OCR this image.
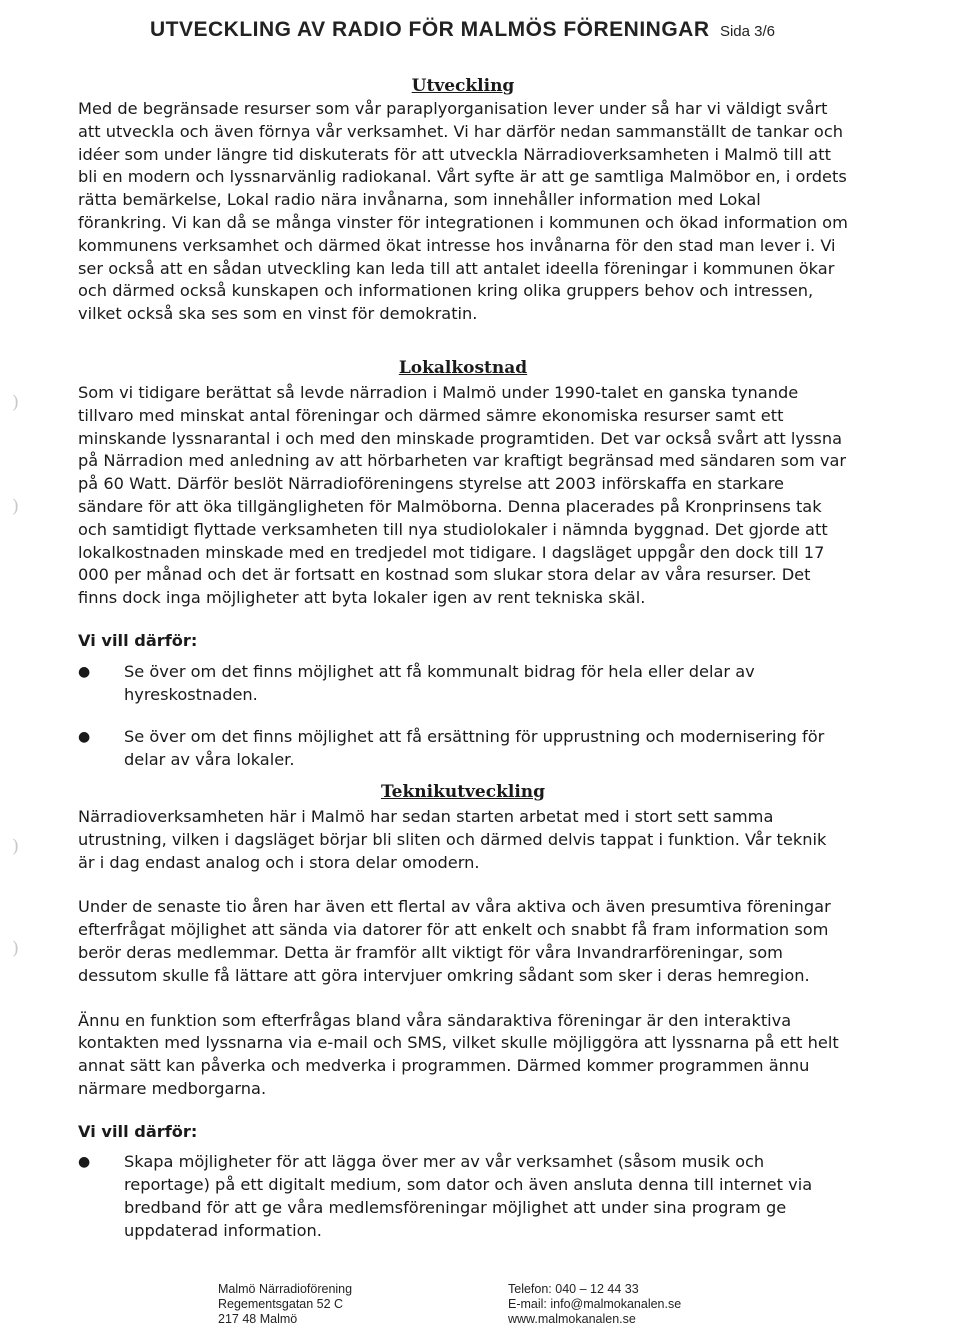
)
)
)
)
UTVECKLING AV RADIO FÖR MALMÖS FÖRENINGAR Sida 3/6
Utveckling

Med de begränsade resurser som vår paraplyorganisation lever under så har vi väldigt svårt att utveckla och även förnya vår verksamhet. Vi har därför nedan sammanställt de tankar och idéer som under längre tid diskuterats för att utveckla Närradioverksamheten i Malmö till att bli en modern och lyssnarvänlig radiokanal. Vårt syfte är att ge samtliga Malmöbor en, i ordets rätta bemärkelse, Lokal radio nära invånarna, som innehåller information med Lokal förankring. Vi kan då se många vinster för integrationen i kommunen och ökad information om kommunens verksamhet och därmed ökat intresse hos invånarna för den stad man lever i. Vi ser också att en sådan utveckling kan leda till att antalet ideella föreningar i kommunen ökar och därmed också kunskapen och informationen kring olika gruppers behov och intressen, vilket också ska ses som en vinst för demokratin.

Lokalkostnad

Som vi tidigare berättat så levde närradion i Malmö under 1990-talet en ganska tynande tillvaro med minskat antal föreningar och därmed sämre ekonomiska resurser samt ett minskande lyssnarantal i och med den minskade programtiden. Det var också svårt att lyssna på Närradion med anledning av att hörbarheten var kraftigt begränsad med sändaren som var på 60 Watt. Därför beslöt Närradioföreningens styrelse att 2003 införskaffa en starkare sändare för att öka tillgängligheten för Malmöborna. Denna placerades på Kronprinsens tak och samtidigt flyttade verksamheten till nya studiolokaler i nämnda byggnad. Det gjorde att lokalkostnaden minskade med en tredjedel mot tidigare. I dagsläget uppgår den dock till 17 000 per månad och det är fortsatt en kostnad som slukar stora delar av våra resurser. Det finns dock inga möjligheter att byta lokaler igen av rent tekniska skäl.

Vi vill därför:
● Se över om det finns möjlighet att få kommunalt bidrag för hela eller delar av hyreskostnaden.
● Se över om det finns möjlighet att få ersättning för upprustning och modernisering för delar av våra lokaler.
Teknikutveckling

Närradioverksamheten här i Malmö har sedan starten arbetat med i stort sett samma utrustning, vilken i dagsläget börjar bli sliten och därmed delvis tappat i funktion. Vår teknik är i dag endast analog och i stora delar omodern.

Under de senaste tio åren har även ett flertal av våra aktiva och även presumtiva föreningar efterfrågat möjlighet att sända via datorer för att enkelt och snabbt få fram information som berör deras medlemmar. Detta är framför allt viktigt för våra Invandrarföreningar, som dessutom skulle få lättare att göra intervjuer omkring sådant som sker i deras hemregion.

Ännu en funktion som efterfrågas bland våra sändaraktiva föreningar är den interaktiva kontakten med lyssnarna via e-mail och SMS, vilket skulle möjliggöra att lyssnarna på ett helt annat sätt kan påverka och medverka i programmen. Därmed kommer programmen ännu närmare medborgarna.

Vi vill därför:
● Skapa möjligheter för att lägga över mer av vår verksamhet (såsom musik och reportage) på ett digitalt medium, som dator och även ansluta denna till internet via bredband för att ge våra medlemsföreningar möjlighet att under sina program ge uppdaterad information.
Malmö Närradioförening
Regementsgatan 52 C
217 48 Malmö
Telefon: 040 – 12 44 33
E-mail: info@malmokanalen.se
www.malmokanalen.se
